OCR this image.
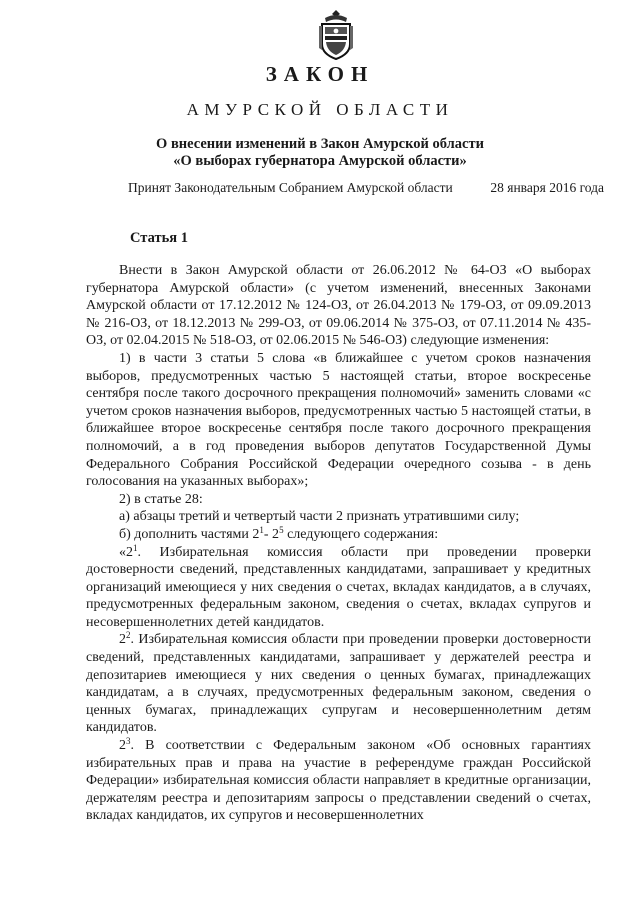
ЗАКОН
АМУРСКОЙ ОБЛАСТИ
О внесении изменений в Закон Амурской области
«О выборах губернатора Амурской области»
Принят Законодательным Собранием Амурской области	28 января 2016 года
Статья 1

Внести в Закон Амурской области от 26.06.2012 № 64-ОЗ «О выборах губернатора Амурской области» (с учетом изменений, внесенных Законами Амурской области от 17.12.2012 № 124-ОЗ, от 26.04.2013 № 179-ОЗ, от 09.09.2013 № 216-ОЗ, от 18.12.2013 № 299-ОЗ, от 09.06.2014 № 375-ОЗ, от 07.11.2014 № 435-ОЗ, от 02.04.2015 № 518-ОЗ, от 02.06.2015 № 546-ОЗ) следующие изменения:

1) в части 3 статьи 5 слова «в ближайшее с учетом сроков назначения выборов, предусмотренных частью 5 настоящей статьи, второе воскресенье сентября после такого досрочного прекращения полномочий» заменить словами «с учетом сроков назначения выборов, предусмотренных частью 5 настоящей статьи, в ближайшее второе воскресенье сентября после такого досрочного прекращения полномочий, а в год проведения выборов депутатов Государственной Думы Федерального Собрания Российской Федерации очередного созыва - в день голосования на указанных выборах»;

2) в статье 28:

а) абзацы третий и четвертый части 2 признать утратившими силу;

б) дополнить частями $2^1-$ $2^5$ следующего содержания:

«$2^1$. Избирательная комиссия области при проведении проверки достоверности сведений, представленных кандидатами, запрашивает у кредитных организаций имеющиеся у них сведения о счетах, вкладах кандидатов, а в случаях, предусмотренных федеральным законом, сведения о счетах, вкладах супругов и несовершеннолетних детей кандидатов.

$2^2$. Избирательная комиссия области при проведении проверки достоверности сведений, представленных кандидатами, запрашивает у держателей реестра и депозитариев имеющиеся у них сведения о ценных бумагах, принадлежащих кандидатам, а в случаях, предусмотренных федеральным законом, сведения о ценных бумагах, принадлежащих супругам и несовершеннолетним детям кандидатов.

$2^3$. В соответствии с Федеральным законом «Об основных гарантиях избирательных прав и права на участие в референдуме граждан Российской Федерации» избирательная комиссия области направляет в кредитные организации, держателям реестра и депозитариям запросы о представлении сведений о счетах, вкладах кандидатов, их супругов и несовершеннолетних
